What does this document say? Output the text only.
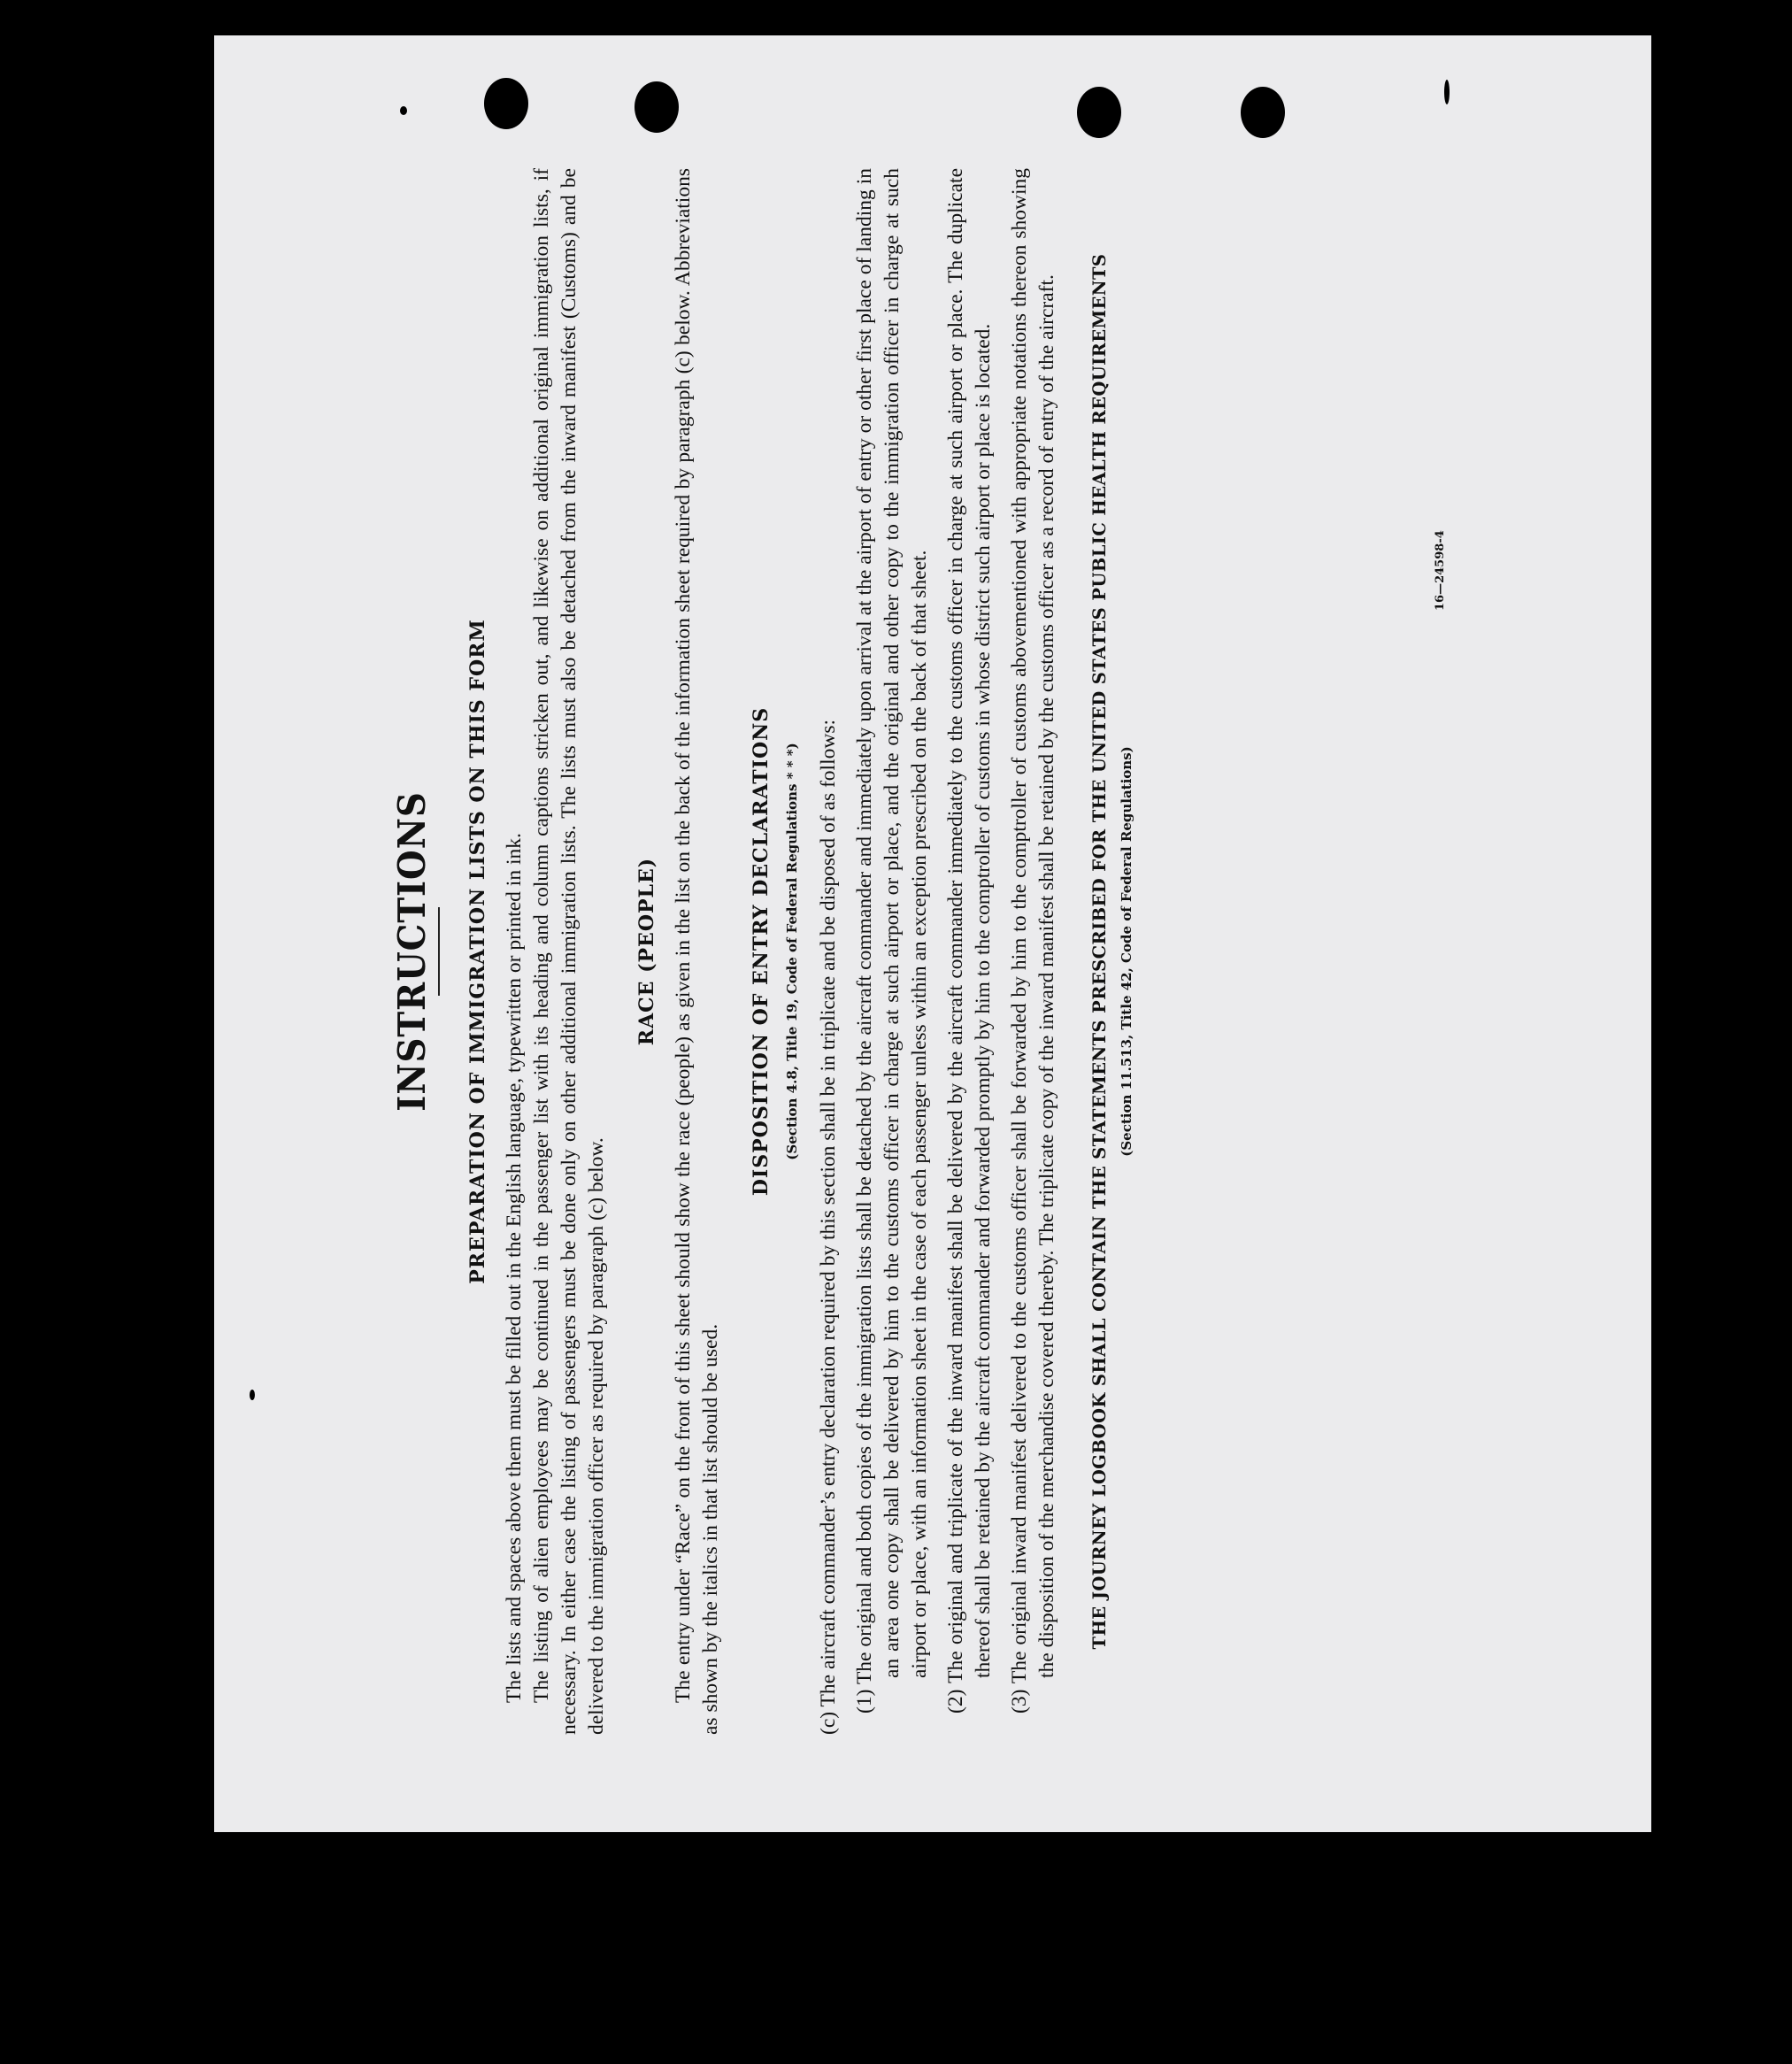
INSTRUCTIONS PREPARATION OF IMMIGRATION LISTS ON THIS FORM The lists and spaces above them must be filled out in the English language, typewritten or printed in ink. The listing of alien employees may be continued in the passenger list with its heading and column captions stricken out, and likewise on additional original immigration lists, if necessary. In either case the listing of passengers must be done only on other additional immigration lists. The lists must also be detached from the inward manifest (Customs) and be delivered to the immigration officer as required by paragraph (c) below.

RACE (PEOPLE) The entry under “Race” on the front of this sheet should show the race (people) as given in the list on the back of the information sheet required by paragraph (c) below. Abbreviations as shown by the italics in that list should be used.

DISPOSITION OF ENTRY DECLARATIONS (Section 4.8, Title 19, Code of Federal Regulations * * *) (c) The aircraft commander’s entry declaration required by this section shall be in triplicate and be disposed of as follows: (1) The original and both copies of the immigration lists shall be detached by the aircraft commander and immediately upon arrival at the airport of entry or other first place of landing in an area one copy shall be delivered by him to the customs officer in charge at such airport or place, and the original and other copy to the immigration officer in charge at such airport or place, with an information sheet in the case of each passenger unless within an exception prescribed on the back of that sheet. (2) The original and triplicate of the inward manifest shall be delivered by the aircraft commander immediately to the customs officer in charge at such airport or place. The duplicate thereof shall be retained by the aircraft commander and forwarded promptly by him to the comptroller of customs in whose district such airport or place is located. (3) The original inward manifest delivered to the customs officer shall be forwarded by him to the comptroller of customs abovementioned with appropriate notations thereon showing the disposition of the merchandise covered thereby. The triplicate copy of the inward manifest shall be retained by the customs officer as a record of entry of the aircraft. THE JOURNEY LOGBOOK SHALL CONTAIN THE STATEMENTS PRESCRIBED FOR THE UNITED STATES PUBLIC HEALTH REQUIREMENTS (Section 11.513, Title 42, Code of Federal Regulations)
16—24598-4
